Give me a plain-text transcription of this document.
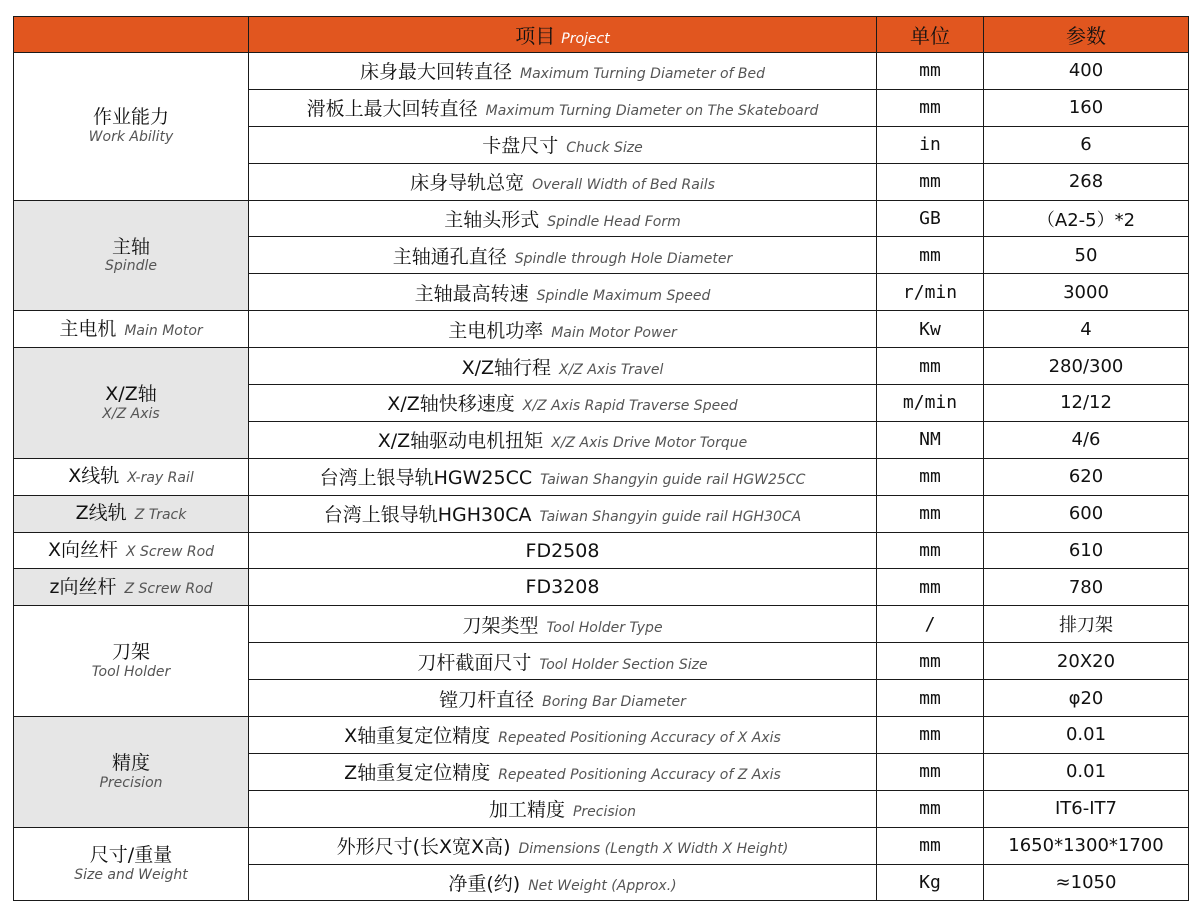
	项目 Project	单位	参数
作业能力
Work Ability	床身最大回转直径 Maximum Turning Diameter of Bed	mm	400
	滑板上最大回转直径 Maximum Turning Diameter on The Skateboard	mm	160
	卡盘尺寸 Chuck Size	in	6
	床身导轨总宽 Overall Width of Bed Rails	mm	268
主轴
Spindle	主轴头形式 Spindle Head Form	GB	（A2-5）*2
	主轴通孔直径 Spindle through Hole Diameter	mm	50
	主轴最高转速 Spindle Maximum Speed	r/min	3000
主电机 Main Motor	主电机功率 Main Motor Power	Kw	4
X/Z轴
X/Z Axis	X/Z轴行程 X/Z Axis Travel	mm	280/300
	X/Z轴快移速度 X/Z Axis Rapid Traverse Speed	m/min	12/12
	X/Z轴驱动电机扭矩 X/Z Axis Drive Motor Torque	NM	4/6
X线轨 X-ray Rail	台湾上银导轨HGW25CC Taiwan Shangyin guide rail HGW25CC	mm	620
Z线轨 Z Track	台湾上银导轨HGH30CA Taiwan Shangyin guide rail HGH30CA	mm	600
X向丝杆 X Screw Rod	FD2508	mm	610
z向丝杆 Z Screw Rod	FD3208	mm	780
刀架
Tool Holder	刀架类型 Tool Holder Type	/	排刀架
	刀杆截面尺寸 Tool Holder Section Size	mm	20X20
	镗刀杆直径 Boring Bar Diameter	mm	φ20
精度
Precision	X轴重复定位精度 Repeated Positioning Accuracy of X Axis	mm	0.01
	Z轴重复定位精度 Repeated Positioning Accuracy of Z Axis	mm	0.01
	加工精度 Precision	mm	IT6-IT7
尺寸/重量
Size and Weight	外形尺寸(长X宽X高) Dimensions (Length X Width X Height)	mm	1650*1300*1700
	净重(约) Net Weight (Approx.)	Kg	≈1050
